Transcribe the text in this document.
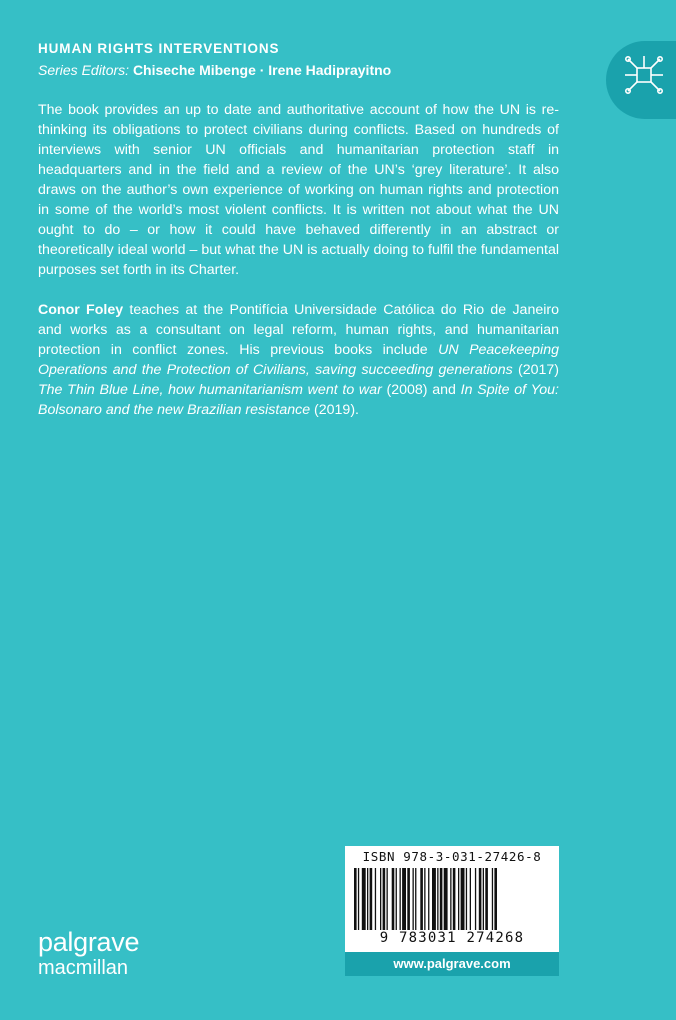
HUMAN RIGHTS INTERVENTIONS
Series Editors: Chiseche Mibenge · Irene Hadiprayitno
The book provides an up to date and authoritative account of how the UN is re-thinking its obligations to protect civilians during conflicts. Based on hundreds of interviews with senior UN officials and humanitarian protection staff in headquarters and in the field and a review of the UN’s ‘grey literature’. It also draws on the author’s own experience of working on human rights and protection in some of the world’s most violent conflicts. It is written not about what the UN ought to do – or how it could have behaved differently in an abstract or theoretically ideal world – but what the UN is actually doing to fulfil the fundamental purposes set forth in its Charter.
Conor Foley teaches at the Pontifícia Universidade Católica do Rio de Janeiro and works as a consultant on legal reform, human rights, and humanitarian protection in conflict zones. His previous books include UN Peacekeeping Operations and the Protection of Civilians, saving succeeding generations (2017) The Thin Blue Line, how humanitarianism went to war (2008) and In Spite of You: Bolsonaro and the new Brazilian resistance (2019).
ISBN 978-3-031-27426-8
9 783031 274268
www.palgrave.com
palgrave
macmillan
